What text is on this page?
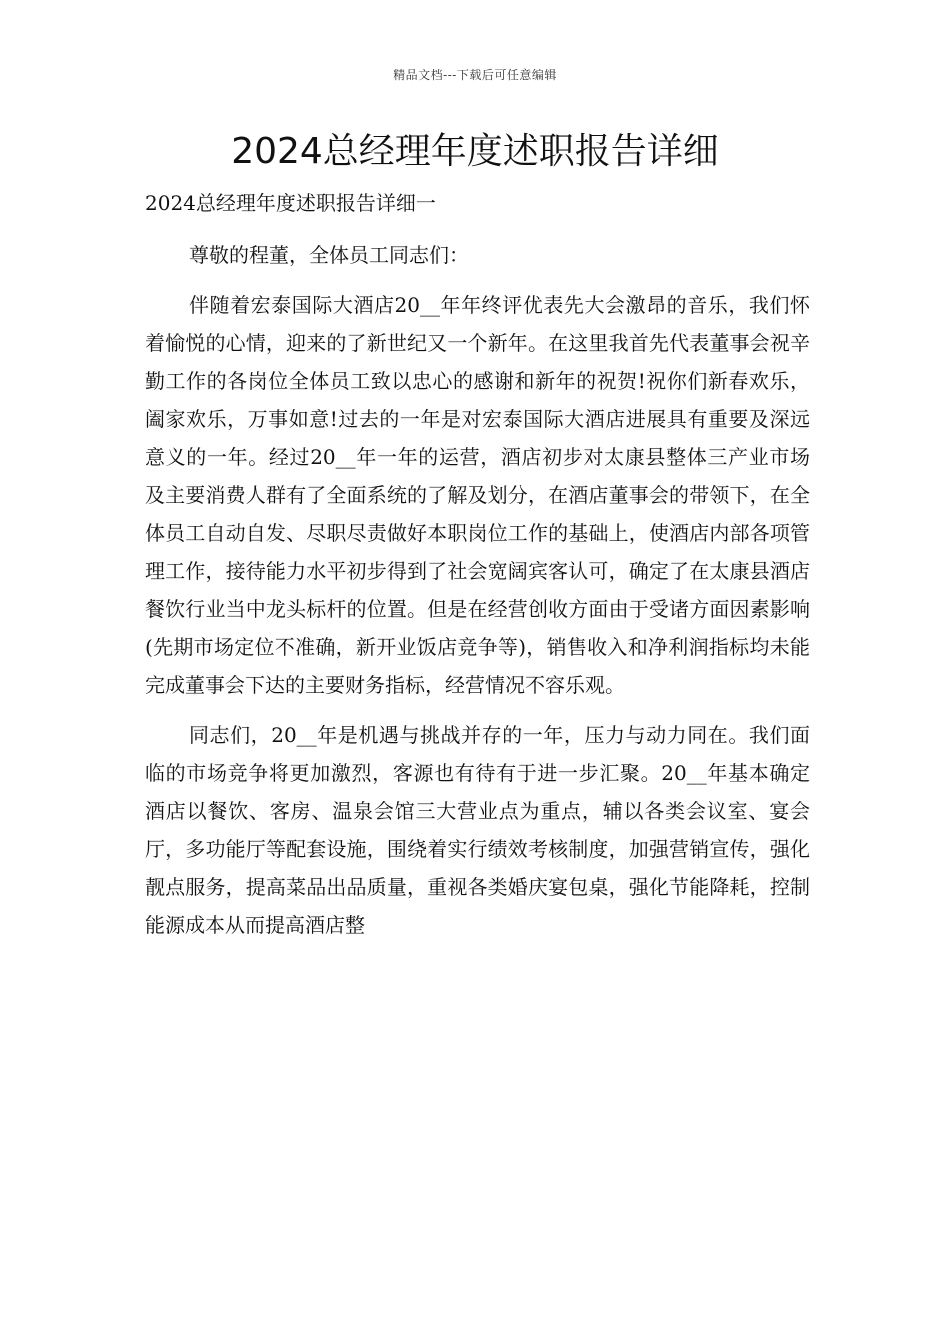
精品文档---下载后可任意编辑
2024总经理年度述职报告详细
2024总经理年度述职报告详细一

尊敬的程董，全体员工同志们：

伴随着宏泰国际大酒店20__年年终评优表先大会激昂的音乐，我们怀着愉悦的心情，迎来的了新世纪又一个新年。在这里我首先代表董事会祝辛勤工作的各岗位全体员工致以忠心的感谢和新年的祝贺!祝你们新春欢乐，阖家欢乐，万事如意!过去的一年是对宏泰国际大酒店进展具有重要及深远意义的一年。经过20__年一年的运营，酒店初步对太康县整体三产业市场及主要消费人群有了全面系统的了解及划分，在酒店董事会的带领下，在全体员工自动自发、尽职尽责做好本职岗位工作的基础上，使酒店内部各项管理工作，接待能力水平初步得到了社会宽阔宾客认可，确定了在太康县酒店餐饮行业当中龙头标杆的位置。但是在经营创收方面由于受诸方面因素影响(先期市场定位不准确，新开业饭店竞争等)，销售收入和净利润指标均未能完成董事会下达的主要财务指标，经营情况不容乐观。

同志们，20__年是机遇与挑战并存的一年，压力与动力同在。我们面临的市场竞争将更加激烈，客源也有待有于进一步汇聚。20__年基本确定酒店以餐饮、客房、温泉会馆三大营业点为重点，辅以各类会议室、宴会厅，多功能厅等配套设施，围绕着实行绩效考核制度，加强营销宣传，强化靓点服务，提高菜品出品质量，重视各类婚庆宴包桌，强化节能降耗，控制能源成本从而提高酒店整
